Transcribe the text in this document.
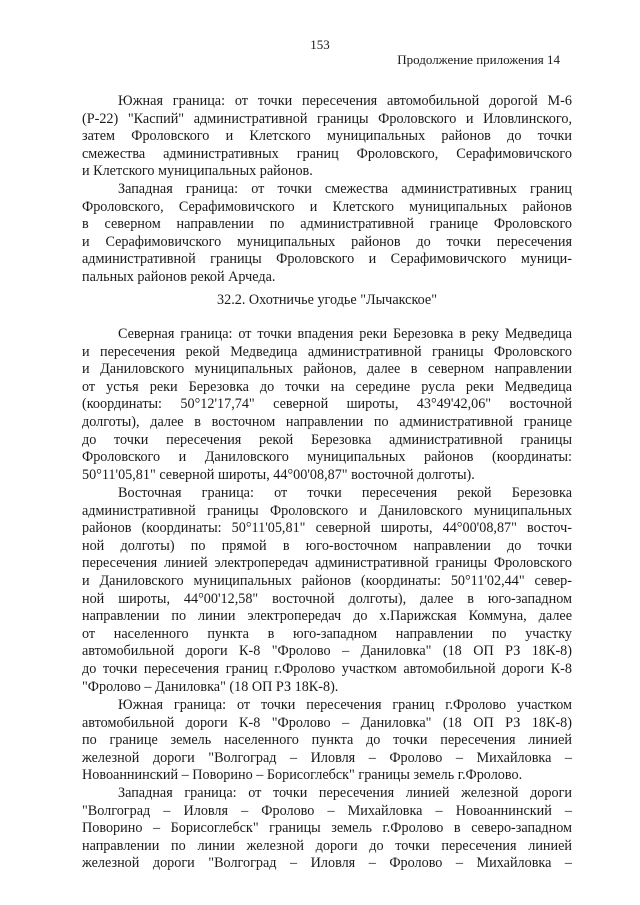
153
Продолжение приложения 14
Южная граница: от точки пересечения автомобильной дорогой М-6
(Р-22) "Каспий" административной границы Фроловского и Иловлинского,
затем Фроловского и Клетского муниципальных районов до точки
смежества административных границ Фроловского, Серафимовичского
и Клетского муниципальных районов.
Западная граница: от точки смежества административных границ
Фроловского, Серафимовичского и Клетского муниципальных районов
в северном направлении по административной границе Фроловского
и Серафимовичского муниципальных районов до точки пересечения
административной границы Фроловского и Серафимовичского муници-
пальных районов рекой Арчеда.
32.2. Охотничье угодье "Лычакское"
Северная граница: от точки впадения реки Березовка в реку Медведица
и пересечения рекой Медведица административной границы Фроловского
и Даниловского муниципальных районов, далее в северном направлении
от устья реки Березовка до точки на середине русла реки Медведица
(координаты: 50°12'17,74" северной широты, 43°49'42,06" восточной
долготы), далее в восточном направлении по административной границе
до точки пересечения рекой Березовка административной границы
Фроловского и Даниловского муниципальных районов (координаты:
50°11'05,81" северной широты, 44°00'08,87" восточной долготы).
Восточная граница: от точки пересечения рекой Березовка
административной границы Фроловского и Даниловского муниципальных
районов (координаты: 50°11'05,81" северной широты, 44°00'08,87" восточ-
ной долготы) по прямой в юго-восточном направлении до точки
пересечения линией электропередач административной границы Фроловского
и Даниловского муниципальных районов (координаты: 50°11'02,44" север-
ной широты, 44°00'12,58" восточной долготы), далее в юго-западном
направлении по линии электропередач до х.Парижская Коммуна, далее
от населенного пункта в юго-западном направлении по участку
автомобильной дороги К-8 "Фролово – Даниловка" (18 ОП РЗ 18К-8)
до точки пересечения границ г.Фролово участком автомобильной дороги К-8
"Фролово – Даниловка" (18 ОП РЗ 18К-8).
Южная граница: от точки пересечения границ г.Фролово участком
автомобильной дороги К-8 "Фролово – Даниловка" (18 ОП РЗ 18К-8)
по границе земель населенного пункта до точки пересечения линией
железной дороги "Волгоград – Иловля – Фролово – Михайловка –
Новоаннинский – Поворино – Борисоглебск" границы земель г.Фролово.
Западная граница: от точки пересечения линией железной дороги
"Волгоград – Иловля – Фролово – Михайловка – Новоаннинский –
Поворино – Борисоглебск" границы земель г.Фролово в северо-западном
направлении по линии железной дороги до точки пересечения линией
железной дороги "Волгоград – Иловля – Фролово – Михайловка –
